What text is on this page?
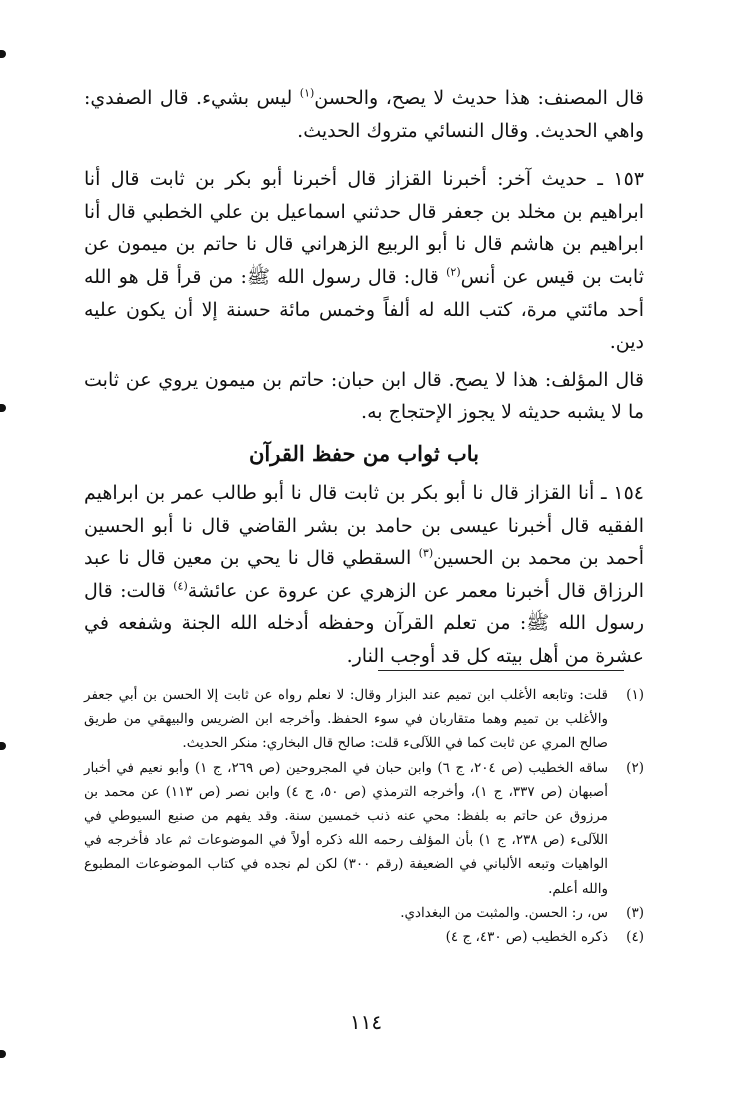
قال المصنف: هذا حديث لا يصح، والحسن$^{(١)}$ ليس بشيء. قال الصفدي: واهي الحديث. وقال النسائي متروك الحديث.

١٥٣ ـ حديث آخر: أخبرنا القزاز قال أخبرنا أبو بكر بن ثابت قال أنا ابراهيم بن مخلد بن جعفر قال حدثني اسماعيل بن علي الخطبي قال أنا ابراهيم بن هاشم قال نا أبو الربيع الزهراني قال نا حاتم بن ميمون عن ثابت بن قيس عن أنس$^{(٢)}$ قال: قال رسول الله ﷺ: من قرأ قل هو الله أحد مائتي مرة، كتب الله له ألفاً وخمس مائة حسنة إلا أن يكون عليه دين.

قال المؤلف: هذا لا يصح. قال ابن حبان: حاتم بن ميمون يروي عن ثابت ما لا يشبه حديثه لا يجوز الإحتجاج به.

باب ثواب من حفظ القرآن

١٥٤ ـ أنا القزاز قال نا أبو بكر بن ثابت قال نا أبو طالب عمر بن ابراهيم الفقيه قال أخبرنا عيسى بن حامد بن بشر القاضي قال نا أبو الحسين أحمد بن محمد بن الحسين$^{(٣)}$ السقطي قال نا يحي بن معين قال نا عبد الرزاق قال أخبرنا معمر عن الزهري عن عروة عن عائشة$^{(٤)}$ قالت: قال رسول الله ﷺ: من تعلم القرآن وحفظه أدخله الله الجنة وشفعه في عشرة من أهل بيته كل قد أوجب النار.

(١)
قلت: وتابعه الأغلب ابن تميم عند البزار وقال: لا نعلم رواه عن ثابت إلا الحسن بن أبي جعفر والأغلب بن تميم وهما متقاربان في سوء الحفظ. وأخرجه ابن الضريس والبيهقي من طريق صالح المري عن ثابت كما في اللآلىء قلت: صالح قال البخاري: منكر الحديث.
(٢)
ساقه الخطيب (ص ٢٠٤، ج ٦) وابن حبان في المجروحين (ص ٢٦٩، ج ١) وأبو نعيم في أخبار أصبهان (ص ٣٣٧، ج ١)، وأخرجه الترمذي (ص ٥٠، ج ٤) وابن نصر (ص ١١٣) عن محمد بن مرزوق عن حاتم به بلفظ: محي عنه ذنب خمسين سنة. وقد يفهم من صنيع السيوطي في اللآلىء (ص ٢٣٨، ج ١) بأن المؤلف رحمه الله ذكره أولاً في الموضوعات ثم عاد فأخرجه في الواهيات وتبعه الألباني في الضعيفة (رقم ٣٠٠) لكن لم نجده في كتاب الموضوعات المطبوع والله أعلم.
(٣)
س، ر: الحسن. والمثبت من البغدادي.
(٤)
ذكره الخطيب (ص ٤٣٠، ج ٤)
١١٤
